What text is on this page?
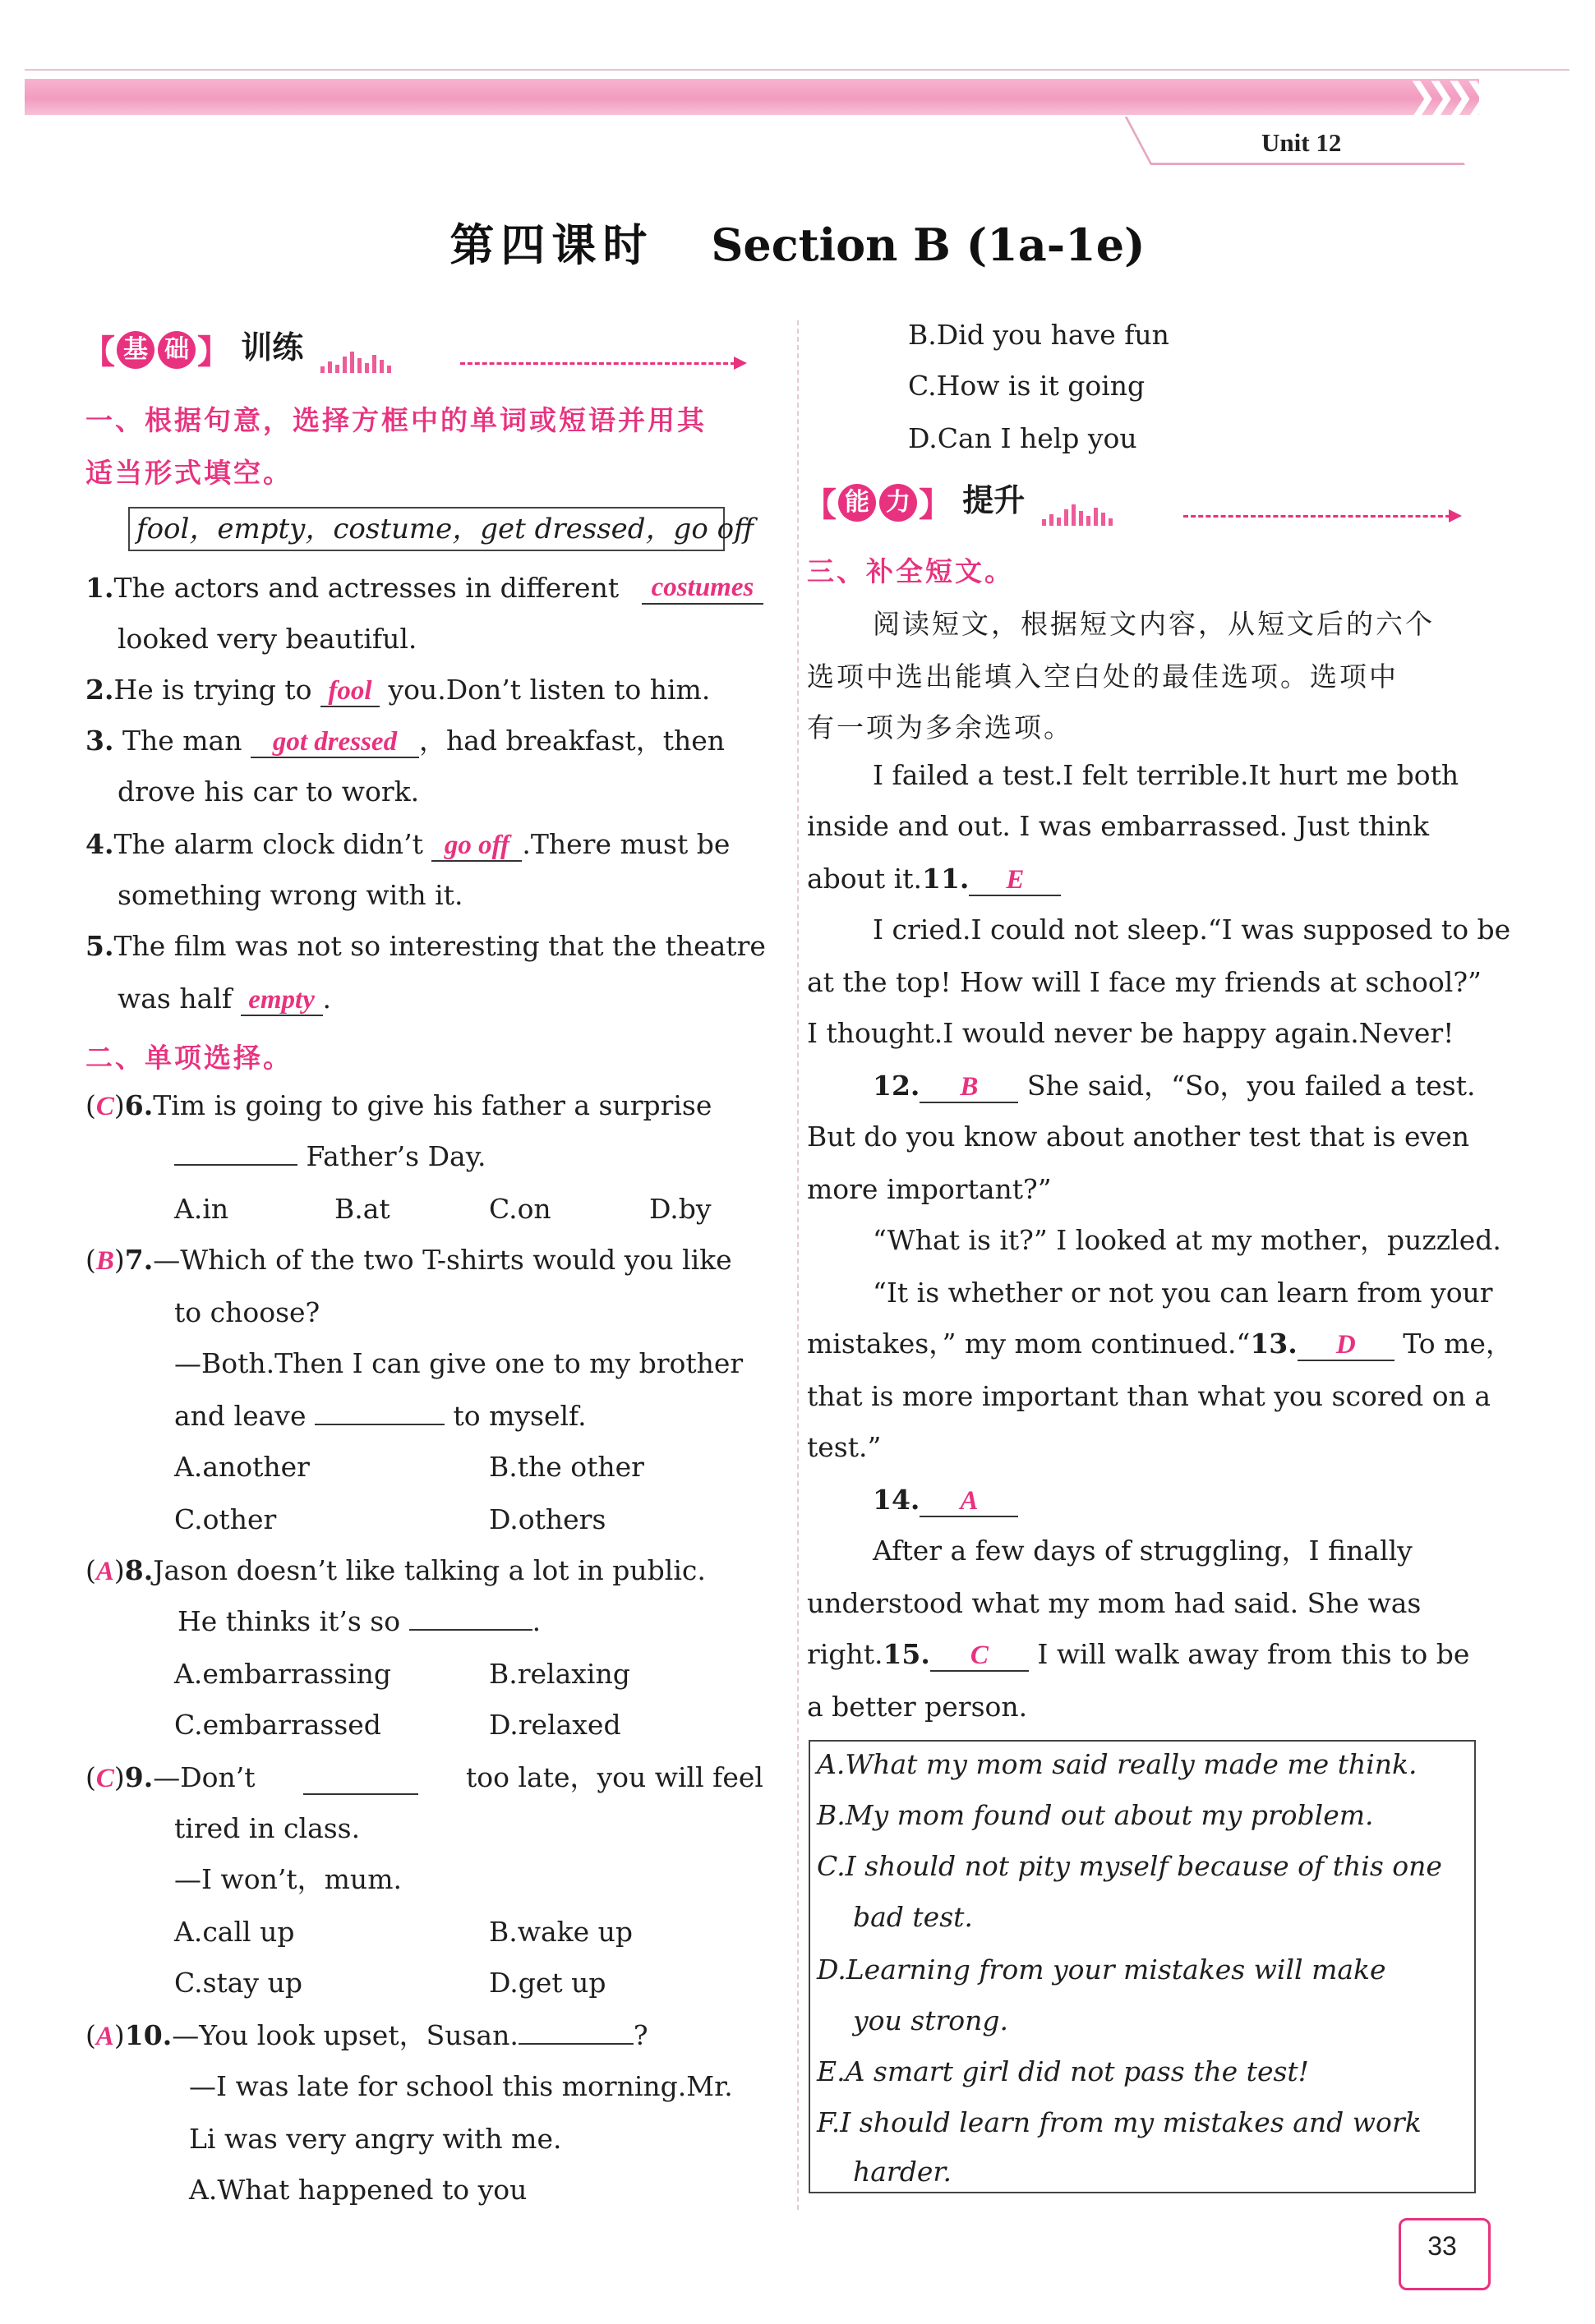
❯❯❯❯
Unit 12
第四课时 Section B (1a-1e)
【 基 础 】 训练
一、根据句意，选择方框中的单词或短语并用其
适当形式填空。
fool，empty，costume，get dressed，go off
1.The actors and actresses in different	costumes
looked very beautiful.
2.He is trying to fool you.Don’t listen to him.
3. The man got dressed ，had breakfast，then
drove his car to work.
4.The alarm clock didn’t go off .There must be
something wrong with it.
5.The film was not so interesting that the theatre
was half empty .
二、单项选择。
(C)6.Tim is going to give his father a surprise
Father’s Day.
A.in	B.at	C.on	D.by
(B)7.—Which of the two T-shirts would you like
to choose?
—Both.Then I can give one to my brother
and leave	to myself.
A.another	B.the other
C.other	D.others
(A)8.Jason doesn’t like talking a lot in public.
He thinks it’s so	.
A.embarrassing	B.relaxing
C.embarrassed	D.relaxed
(C)9.—Don’t	too late，you will feel
tired in class.
—I won’t，mum.
A.call up	B.wake up
C.stay up	D.get up
(A)10.—You look upset，Susan.	?
—I was late for school this morning.Mr.
Li was very angry with me.
A.What happened to you
B.Did you have fun
C.How is it going
D.Can I help you
【 能 力 】 提升
三、补全短文。
阅读短文，根据短文内容，从短文后的六个
选项中选出能填入空白处的最佳选项。选项中
有一项为多余选项。
I failed a test.I felt terrible.It hurt me both
inside and out. I was embarrassed. Just think
about it.11. E
I cried.I could not sleep.“I was supposed to be
at the top! How will I face my friends at school?”
I thought.I would never be happy again.Never!
12. B She said，“So，you failed a test.
But do you know about another test that is even
more important?”
“What is it?” I looked at my mother，puzzled.
“It is whether or not you can learn from your
mistakes，” my mom continued.“13. D To me，
that is more important than what you scored on a
test.”
14. A
After a few days of struggling，I finally
understood what my mom had said. She was
right.15. C I will walk away from this to be
a better person.
A.What my mom said really made me think.
B.My mom found out about my problem.
C.I should not pity myself because of this one
bad test.
D.Learning from your mistakes will make
you strong.
E.A smart girl did not pass the test!
F.I should learn from my mistakes and work
harder.
33
